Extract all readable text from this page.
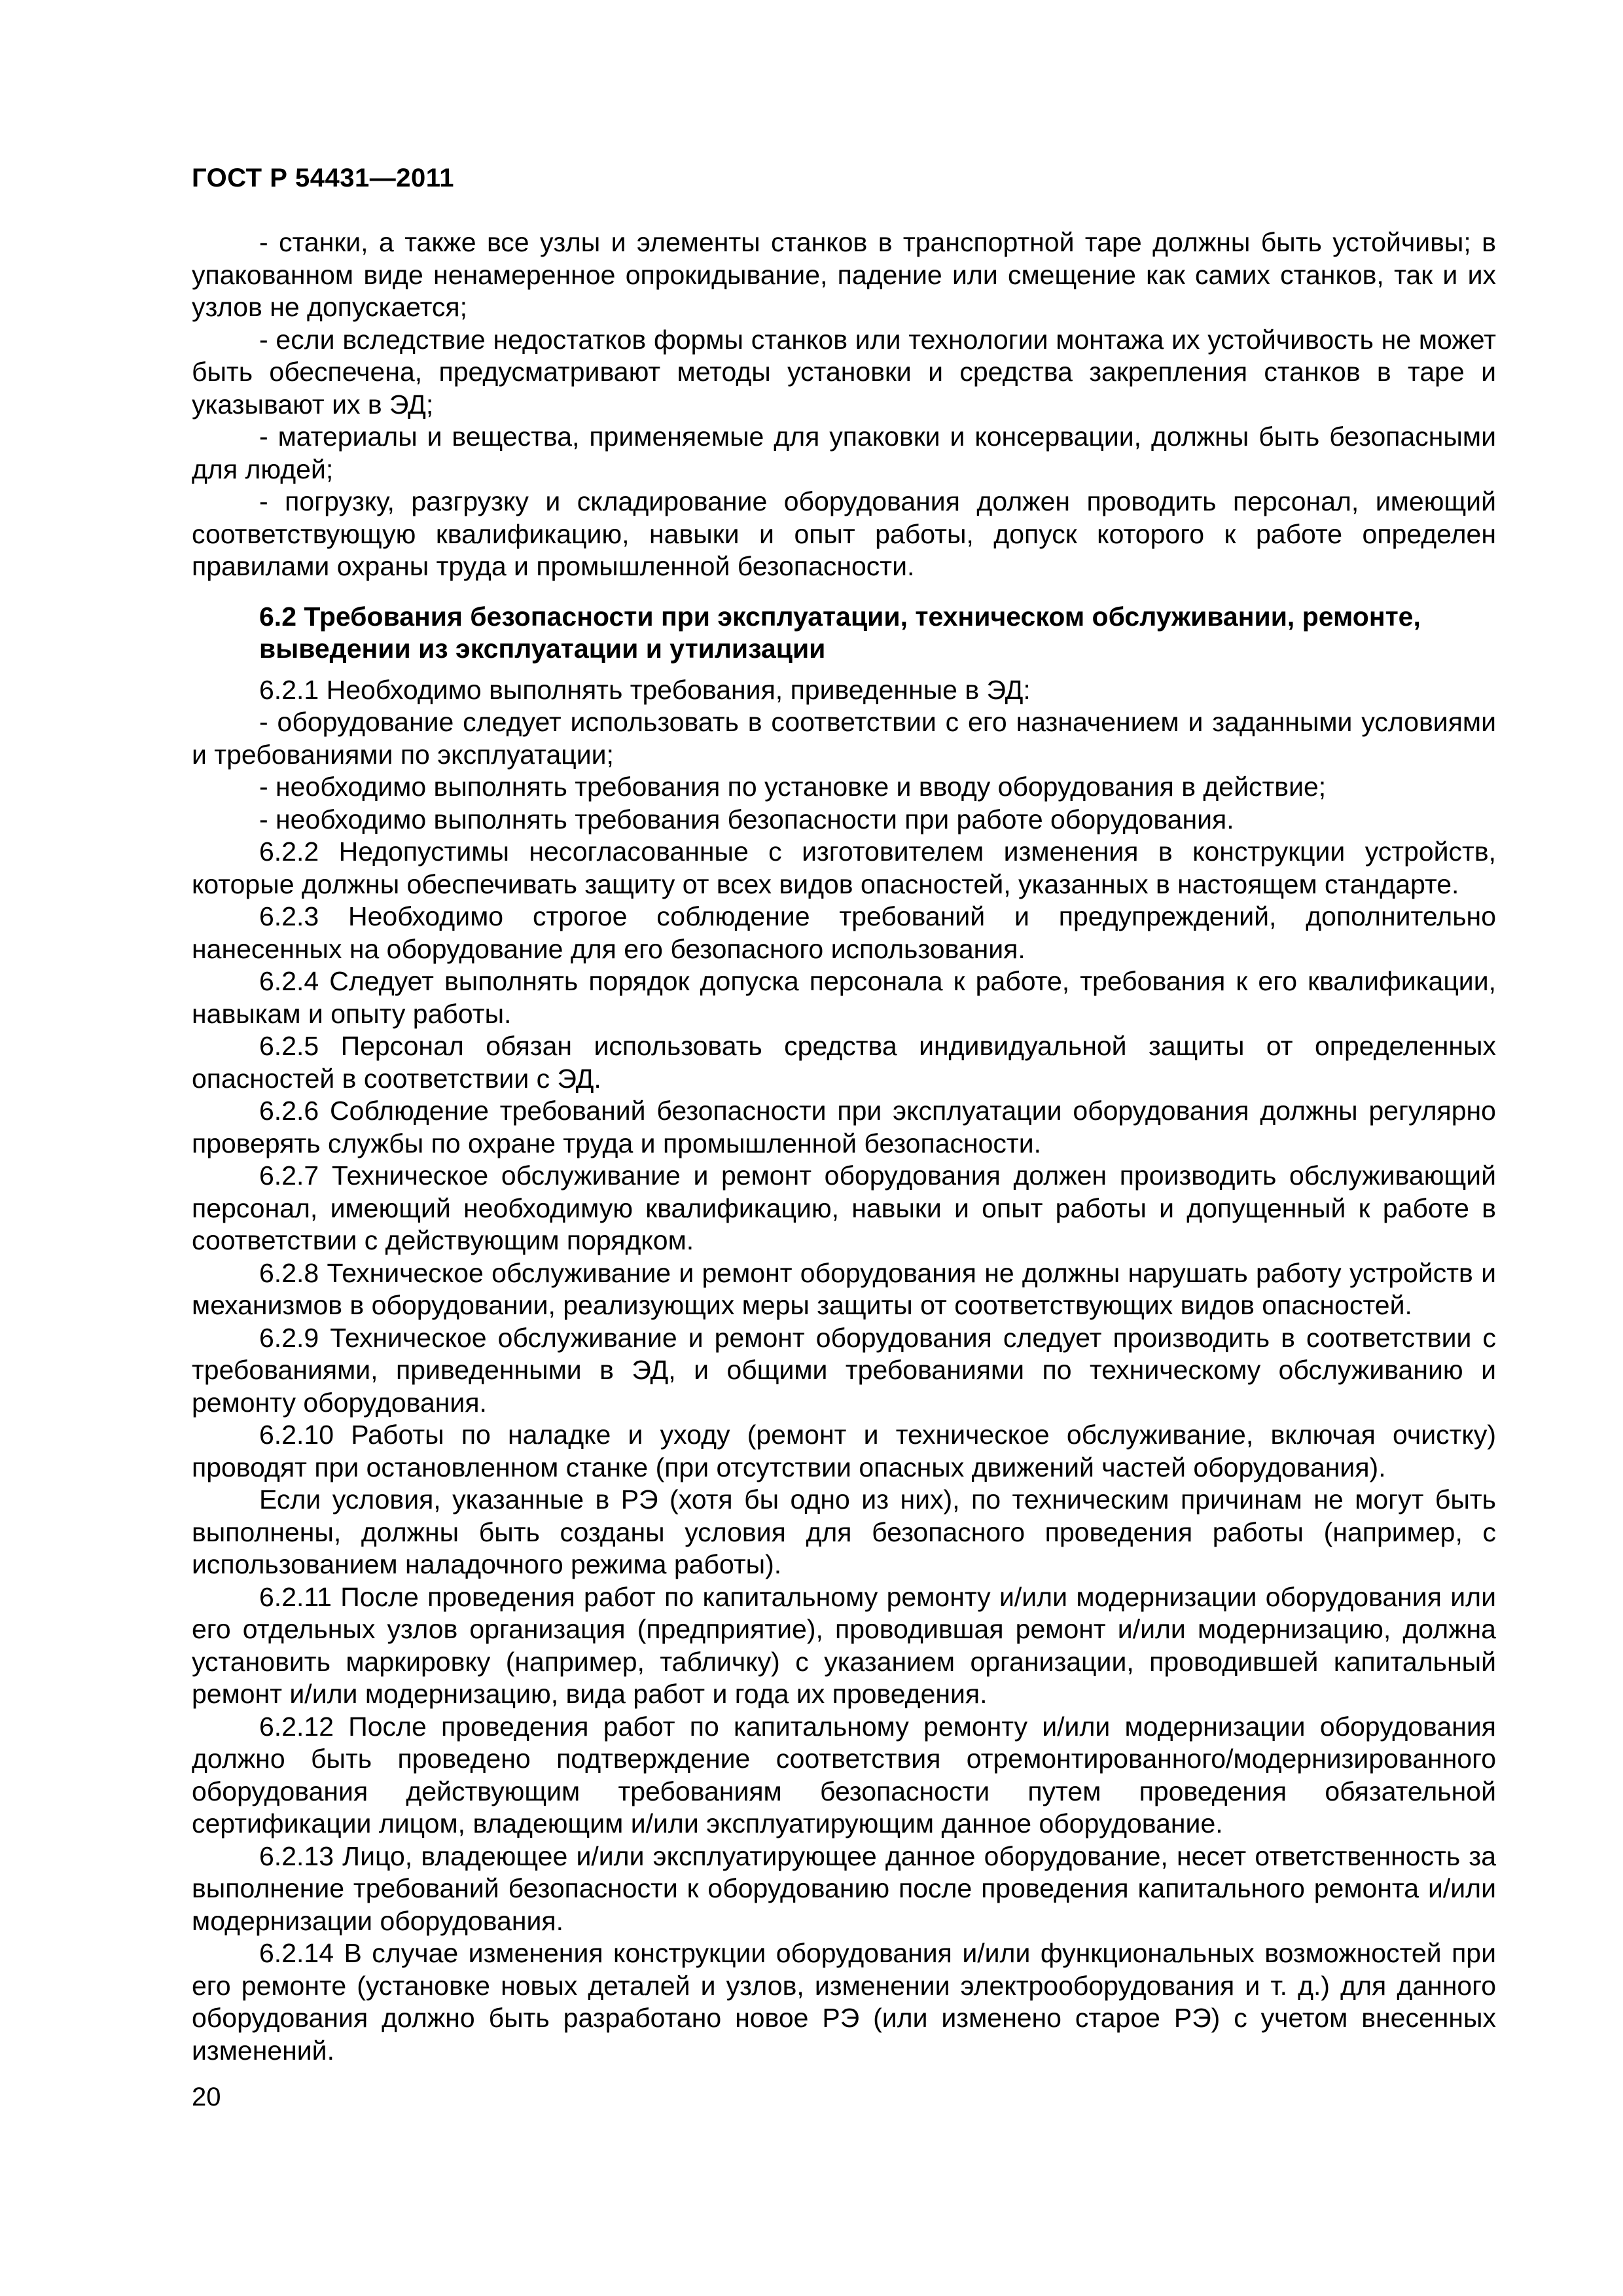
ГОСТ Р 54431—2011

- станки, а также все узлы и элементы станков в транспортной таре должны быть устойчивы; в упакованном виде ненамеренное опрокидывание, падение или смещение как самих станков, так и их узлов не допускается;

- если вследствие недостатков формы станков или технологии монтажа их устойчивость не может быть обеспечена, предусматривают методы установки и средства закрепления станков в таре и указывают их в ЭД;

- материалы и вещества, применяемые для упаковки и консервации, должны быть безопасными для людей;

- погрузку, разгрузку и складирование оборудования должен проводить персонал, имеющий соответствующую квалификацию, навыки и опыт работы, допуск которого к работе определен правилами охраны труда и промышленной безопасности.

6.2 Требования безопасности при эксплуатации, техническом обслуживании, ремонте, выведении из эксплуатации и утилизации

6.2.1 Необходимо выполнять требования, приведенные в ЭД:

- оборудование следует использовать в соответствии с его назначением и заданными условиями и требованиями по эксплуатации;

- необходимо выполнять требования по установке и вводу оборудования в действие;

- необходимо выполнять требования безопасности при работе оборудования.

6.2.2 Недопустимы несогласованные с изготовителем изменения в конструкции устройств, которые должны обеспечивать защиту от всех видов опасностей, указанных в настоящем стандарте.

6.2.3 Необходимо строгое соблюдение требований и предупреждений, дополнительно нанесенных на оборудование для его безопасного использования.

6.2.4 Следует выполнять порядок допуска персонала к работе, требования к его квалификации, навыкам и опыту работы.

6.2.5 Персонал обязан использовать средства индивидуальной защиты от определенных опасностей в соответствии с ЭД.

6.2.6 Соблюдение требований безопасности при эксплуатации оборудования должны регулярно проверять службы по охране труда и промышленной безопасности.

6.2.7 Техническое обслуживание и ремонт оборудования должен производить обслуживающий персонал, имеющий необходимую квалификацию, навыки и опыт работы и допущенный к работе в соответствии с действующим порядком.

6.2.8 Техническое обслуживание и ремонт оборудования не должны нарушать работу устройств и механизмов в оборудовании, реализующих меры защиты от соответствующих видов опасностей.

6.2.9 Техническое обслуживание и ремонт оборудования следует производить в соответствии с требованиями, приведенными в ЭД, и общими требованиями по техническому обслуживанию и ремонту оборудования.

6.2.10 Работы по наладке и уходу (ремонт и техническое обслуживание, включая очистку) проводят при остановленном станке (при отсутствии опасных движений частей оборудования).

Если условия, указанные в РЭ (хотя бы одно из них), по техническим причинам не могут быть выполнены, должны быть созданы условия для безопасного проведения работы (например, с использованием наладочного режима работы).

6.2.11 После проведения работ по капитальному ремонту и/или модернизации оборудования или его отдельных узлов организация (предприятие), проводившая ремонт и/или модернизацию, должна установить маркировку (например, табличку) с указанием организации, проводившей капитальный ремонт и/или модернизацию, вида работ и года их проведения.

6.2.12 После проведения работ по капитальному ремонту и/или модернизации оборудования должно быть проведено подтверждение соответствия отремонтированного/модернизированного оборудования действующим требованиям безопасности путем проведения обязательной сертификации лицом, владеющим и/или эксплуатирующим данное оборудование.

6.2.13 Лицо, владеющее и/или эксплуатирующее данное оборудование, несет ответственность за выполнение требований безопасности к оборудованию после проведения капитального ремонта и/или модернизации оборудования.

6.2.14 В случае изменения конструкции оборудования и/или функциональных возможностей при его ремонте (установке новых деталей и узлов, изменении электрооборудования и т. д.) для данного оборудования должно быть разработано новое РЭ (или изменено старое РЭ) с учетом внесенных изменений.

20
